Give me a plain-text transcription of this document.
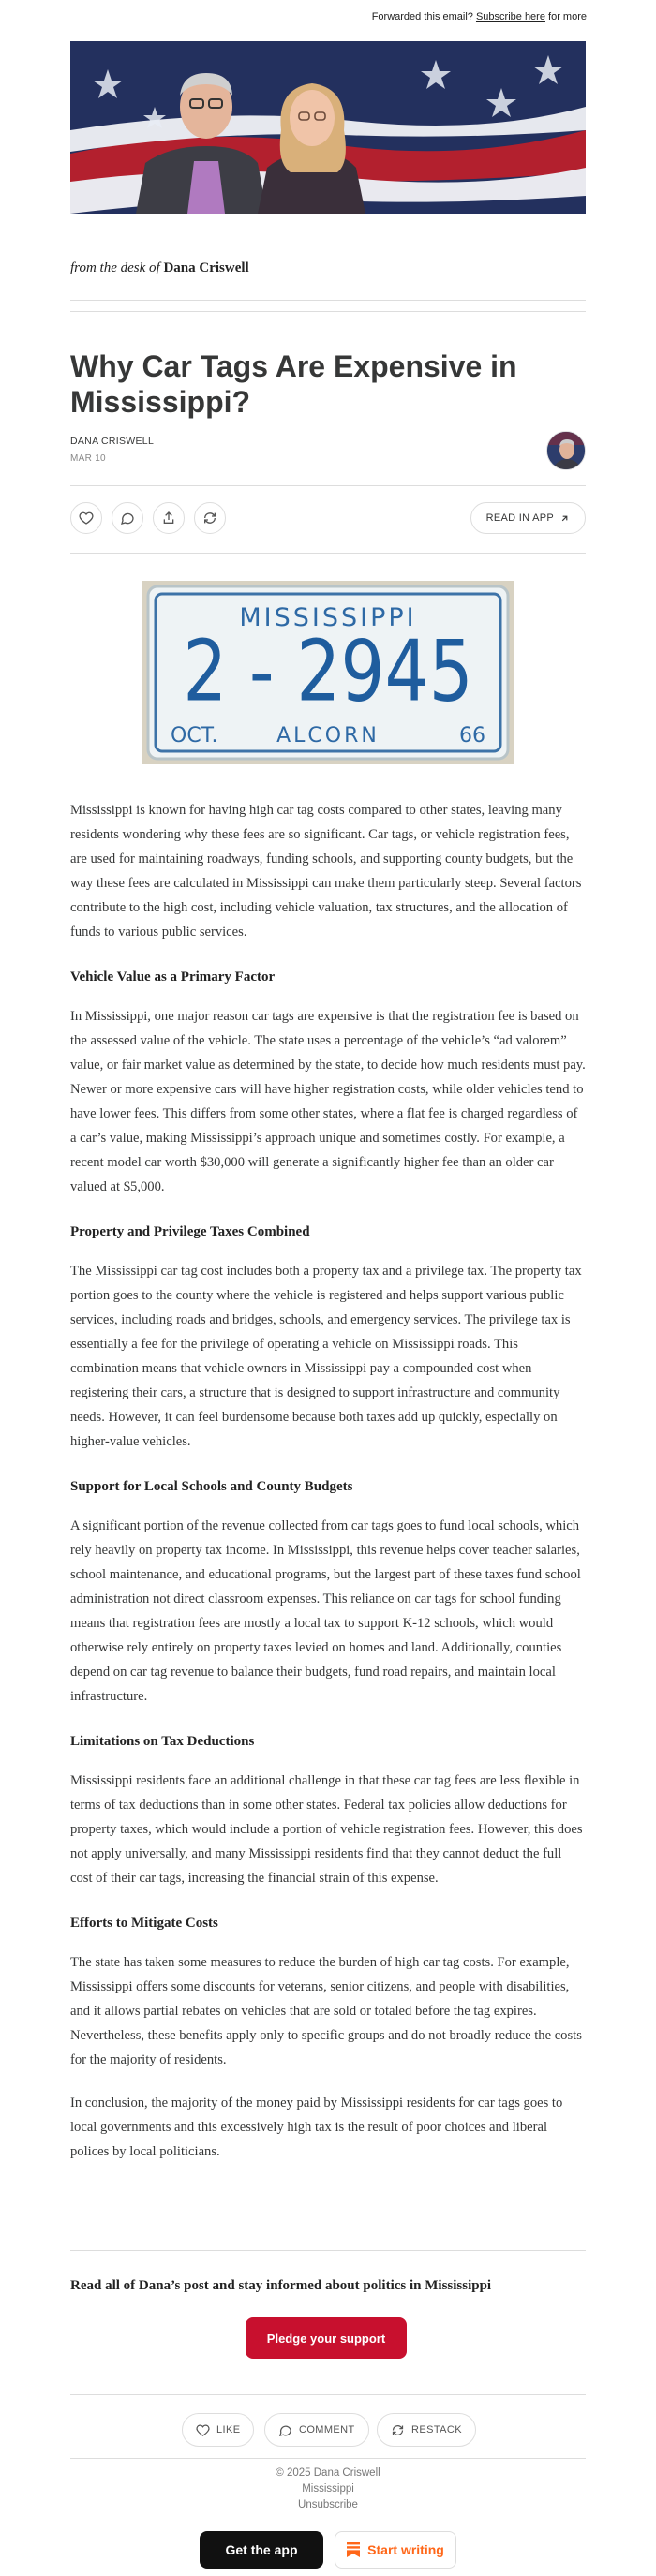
Forwarded this email? Subscribe here for more
from the desk of Dana Criswell
Why Car Tags Are Expensive in Mississippi?
DANA CRISWELL
MAR 10
READ IN APP
MISSISSIPPI
2 - 2945
OCT.	ALCORN	66

Mississippi is known for having high car tag costs compared to other states, leaving many residents wondering why these fees are so significant. Car tags, or vehicle registration fees, are used for maintaining roadways, funding schools, and supporting county budgets, but the way these fees are calculated in Mississippi can make them particularly steep. Several factors contribute to the high cost, including vehicle valuation, tax structures, and the allocation of funds to various public services.

Vehicle Value as a Primary Factor

In Mississippi, one major reason car tags are expensive is that the registration fee is based on the assessed value of the vehicle. The state uses a percentage of the vehicle’s “ad valorem” value, or fair market value as determined by the state, to decide how much residents must pay. Newer or more expensive cars will have higher registration costs, while older vehicles tend to have lower fees. This differs from some other states, where a flat fee is charged regardless of a car’s value, making Mississippi’s approach unique and sometimes costly. For example, a recent model car worth $30,000 will generate a significantly higher fee than an older car valued at $5,000.

Property and Privilege Taxes Combined

The Mississippi car tag cost includes both a property tax and a privilege tax. The property tax portion goes to the county where the vehicle is registered and helps support various public services, including roads and bridges, schools, and emergency services. The privilege tax is essentially a fee for the privilege of operating a vehicle on Mississippi roads. This combination means that vehicle owners in Mississippi pay a compounded cost when registering their cars, a structure that is designed to support infrastructure and community needs. However, it can feel burdensome because both taxes add up quickly, especially on higher-value vehicles.

Support for Local Schools and County Budgets

A significant portion of the revenue collected from car tags goes to fund local schools, which rely heavily on property tax income. In Mississippi, this revenue helps cover teacher salaries, school maintenance, and educational programs, but the largest part of these taxes fund school administration not direct classroom expenses. This reliance on car tags for school funding means that registration fees are mostly a local tax to support K-12 schools, which would otherwise rely entirely on property taxes levied on homes and land. Additionally, counties depend on car tag revenue to balance their budgets, fund road repairs, and maintain local infrastructure.

Limitations on Tax Deductions

Mississippi residents face an additional challenge in that these car tag fees are less flexible in terms of tax deductions than in some other states. Federal tax policies allow deductions for property taxes, which would include a portion of vehicle registration fees. However, this does not apply universally, and many Mississippi residents find that they cannot deduct the full cost of their car tags, increasing the financial strain of this expense.

Efforts to Mitigate Costs

The state has taken some measures to reduce the burden of high car tag costs. For example, Mississippi offers some discounts for veterans, senior citizens, and people with disabilities, and it allows partial rebates on vehicles that are sold or totaled before the tag expires. Nevertheless, these benefits apply only to specific groups and do not broadly reduce the costs for the majority of residents.

In conclusion, the majority of the money paid by Mississippi residents for car tags goes to local governments and this excessively high tax is the result of poor choices and liberal polices by local politicians.

Read all of Dana’s post and stay informed about politics in Mississippi
Pledge your support
LIKE	COMMENT	RESTACK
© 2025 Dana Criswell
Mississippi
Unsubscribe
Get the app	Start writing
